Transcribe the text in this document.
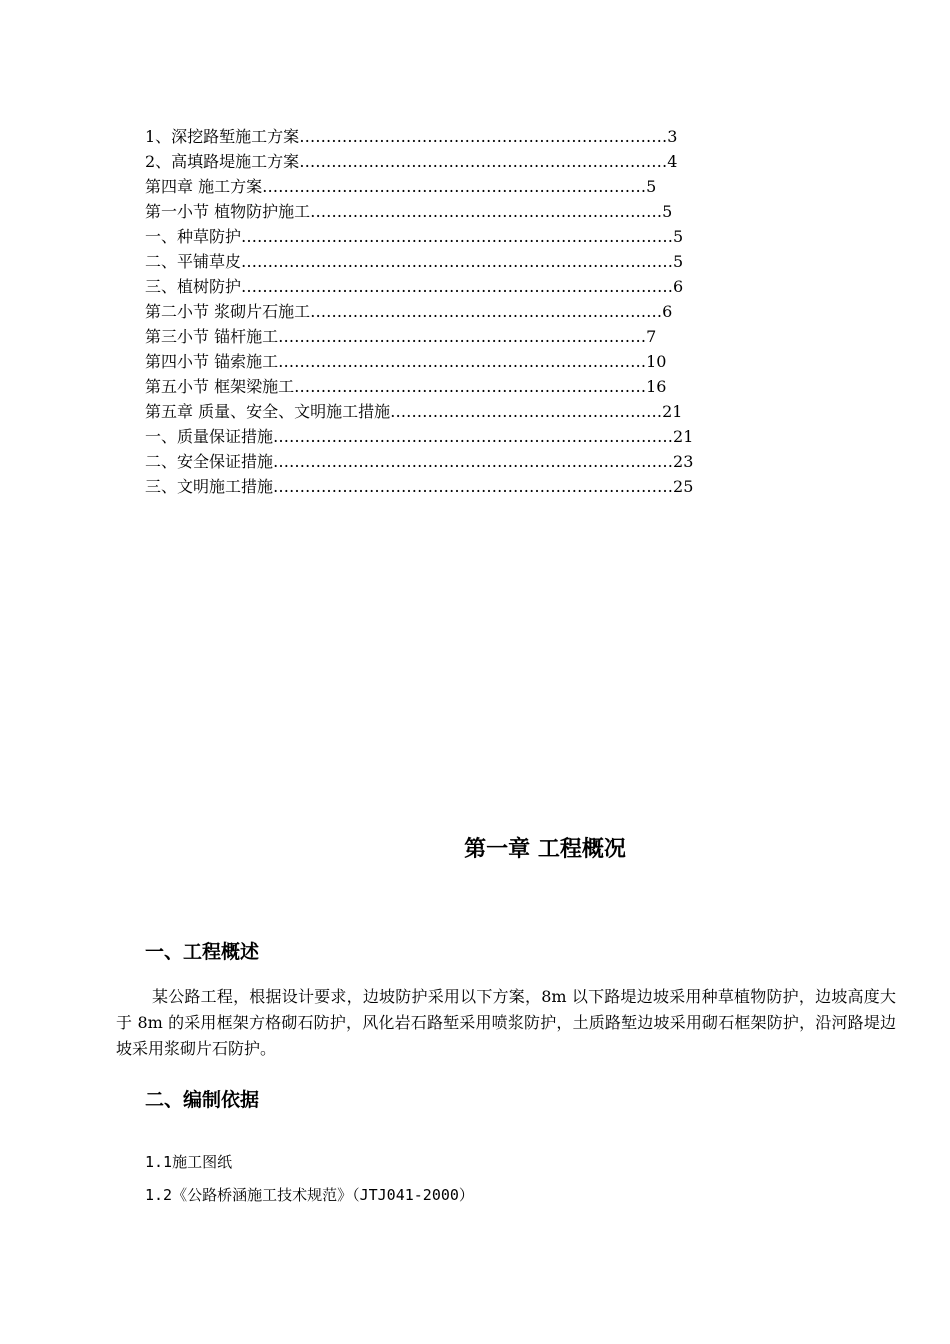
1、深挖路堑施工方案……………………………………………………………3
2、高填路堤施工方案……………………………………………………………4
第四章 施工方案………………………………………………………………5
第一小节 植物防护施工…………………………………………………………5
一、种草防护………………………………………………………………………5
二、平铺草皮………………………………………………………………………5
三、植树防护………………………………………………………………………6
第二小节 浆砌片石施工…………………………………………………………6
第三小节 锚杆施工……………………………………………………………7
第四小节 锚索施工……………………………………………………………10
第五小节 框架梁施工…………………………………………………………16
第五章 质量、安全、文明施工措施……………………………………………21
一、质量保证措施…………………………………………………………………21
二、安全保证措施…………………………………………………………………23
三、文明施工措施…………………………………………………………………25
第一章 工程概况
一、工程概述
某公路工程，根据设计要求，边坡防护采用以下方案，8m 以下路堤边坡采用种草植物防护，边坡高度大于 8m 的采用框架方格砌石防护，风化岩石路堑采用喷浆防护，土质路堑边坡采用砌石框架防护，沿河路堤边坡采用浆砌片石防护。
二、编制依据
1.1施工图纸
1.2《公路桥涵施工技术规范》（JTJ041-2000）
